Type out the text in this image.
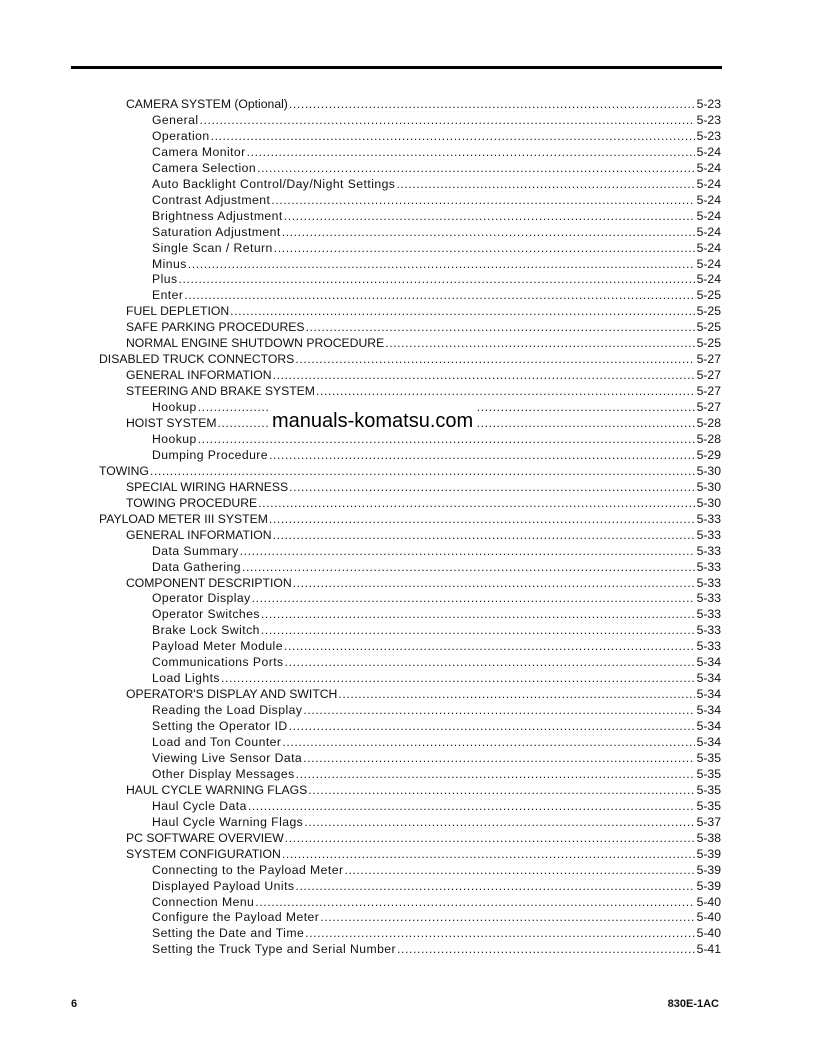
CAMERA SYSTEM (Optional) .....	5-23
General .....	5-23
Operation .....	5-23
Camera Monitor .....	5-24
Camera Selection .....	5-24
Auto Backlight Control/Day/Night Settings .....	5-24
Contrast Adjustment .....	5-24
Brightness Adjustment .....	5-24
Saturation Adjustment .....	5-24
Single Scan / Return .....	5-24
Minus .....	5-24
Plus .....	5-24
Enter .....	5-25
FUEL DEPLETION .....	5-25
SAFE PARKING PROCEDURES .....	5-25
NORMAL ENGINE SHUTDOWN PROCEDURE .....	5-25
DISABLED TRUCK CONNECTORS .....	5-27
GENERAL INFORMATION .....	5-27
STEERING AND BRAKE SYSTEM .....	5-27
Hookup .....	5-27
HOIST SYSTEM .....	5-28
Hookup .....	5-28
Dumping Procedure .....	5-29
TOWING .....	5-30
SPECIAL WIRING HARNESS .....	5-30
TOWING PROCEDURE .....	5-30
PAYLOAD METER III SYSTEM .....	5-33
GENERAL INFORMATION .....	5-33
Data Summary .....	5-33
Data Gathering .....	5-33
COMPONENT DESCRIPTION .....	5-33
Operator Display .....	5-33
Operator Switches .....	5-33
Brake Lock Switch .....	5-33
Payload Meter Module .....	5-33
Communications Ports .....	5-34
Load Lights .....	5-34
OPERATOR'S DISPLAY AND SWITCH .....	5-34
Reading the Load Display .....	5-34
Setting the Operator ID .....	5-34
Load and Ton Counter .....	5-34
Viewing Live Sensor Data .....	5-35
Other Display Messages .....	5-35
HAUL CYCLE WARNING FLAGS .....	5-35
Haul Cycle Data .....	5-35
Haul Cycle Warning Flags .....	5-37
PC SOFTWARE OVERVIEW .....	5-38
SYSTEM CONFIGURATION .....	5-39
Connecting to the Payload Meter .....	5-39
Displayed Payload Units .....	5-39
Connection Menu .....	5-40
Configure the Payload Meter .....	5-40
Setting the Date and Time .....	5-40
Setting the Truck Type and Serial Number .....	5-41
manuals-komatsu.com
6	830E-1AC
